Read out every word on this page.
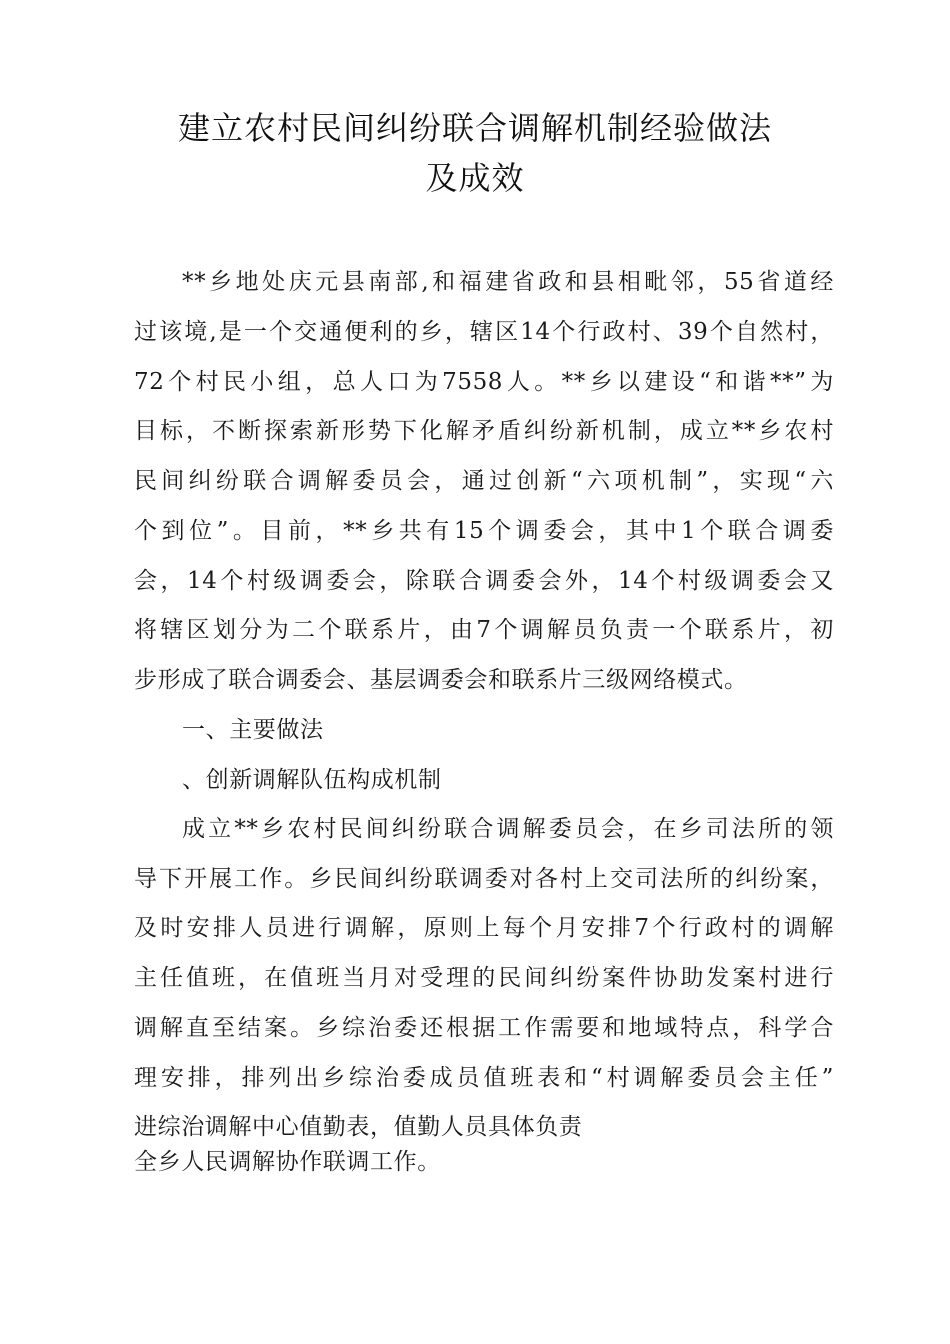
建立农村民间纠纷联合调解机制经验做法
及成效
**乡地处庆元县南部,和福建省政和县相毗邻，55省道经
过该境,是一个交通便利的乡，辖区14个行政村、39个自然村，
72个村民小组，总人口为7558人。**乡以建设“和谐**”为
目标，不断探索新形势下化解矛盾纠纷新机制，成立**乡农村
民间纠纷联合调解委员会，通过创新“六项机制”，实现“六
个到位”。目前，**乡共有15个调委会，其中1个联合调委
会，14个村级调委会，除联合调委会外，14个村级调委会又
将辖区划分为二个联系片，由7个调解员负责一个联系片，初
步形成了联合调委会、基层调委会和联系片三级网络模式。
一、主要做法
、创新调解队伍构成机制
成立**乡农村民间纠纷联合调解委员会，在乡司法所的领
导下开展工作。乡民间纠纷联调委对各村上交司法所的纠纷案，
及时安排人员进行调解，原则上每个月安排7个行政村的调解
主任值班，在值班当月对受理的民间纠纷案件协助发案村进行
调解直至结案。乡综治委还根据工作需要和地域特点，科学合
理安排，排列出乡综治委成员值班表和“村调解委员会主任”
进综治调解中心值勤表，值勤人员具体负责
全乡人民调解协作联调工作。
